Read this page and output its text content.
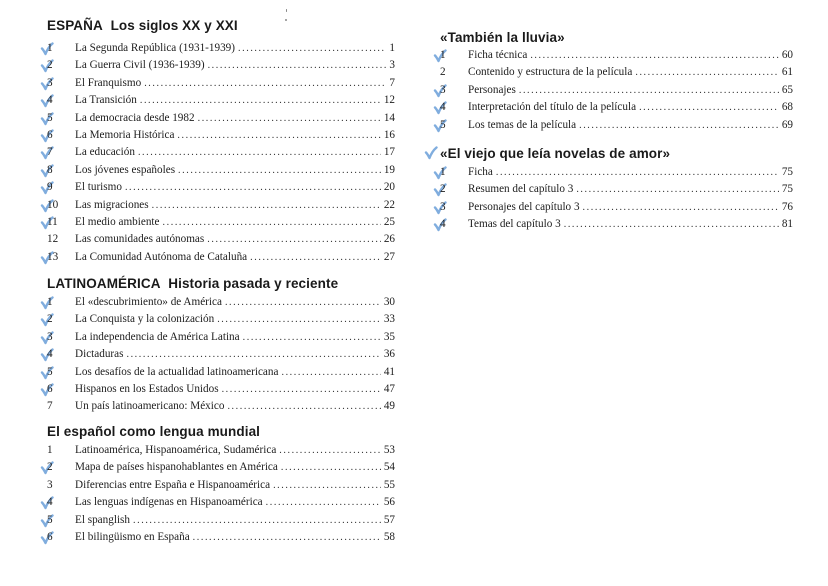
ESPAÑA Los siglos XX y XXI
1	La Segunda República (1931-1939) .....	1
2	La Guerra Civil (1936-1939) .....	3
3	El Franquismo .....	7
4	La Transición .....	12
5	La democracia desde 1982 .....	14
6	La Memoria Histórica .....	16
7	La educación .....	17
8	Los jóvenes españoles .....	19
9	El turismo .....	20
10 Las migraciones .....	22
11 El medio ambiente .....	25
12 Las comunidades autónomas .....	26
13 La Comunidad Autónoma de Cataluña .....	27
LATINOAMÉRICA Historia pasada y reciente
1	El «descubrimiento» de América .....	30
2	La Conquista y la colonización .....	33
3	La independencia de América Latina .....	35
4	Dictaduras .....	36
5	Los desafíos de la actualidad latinoamericana .....	41
6	Hispanos en los Estados Unidos .....	47
7	Un país latinoamericano: México .....	49
El español como lengua mundial
1	Latinoamérica, Hispanoamérica, Sudamérica .....	53
2	Mapa de países hispanohablantes en América .....	54
3	Diferencias entre España e Hispanoamérica .....	55
4	Las lenguas indígenas en Hispanoamérica .....	56
5	El spanglish .....	57
6	El bilingüismo en España .....	58
«También la lluvia»
1	Ficha técnica .....	60
2	Contenido y estructura de la película .....	61
3	Personajes .....	65
4	Interpretación del título de la película .....	68
5	Los temas de la película .....	69
«El viejo que leía novelas de amor»
1	Ficha .....	75
2	Resumen del capítulo 3 .....	75
3	Personajes del capítulo 3 .....	76
4	Temas del capítulo 3 .....	81
